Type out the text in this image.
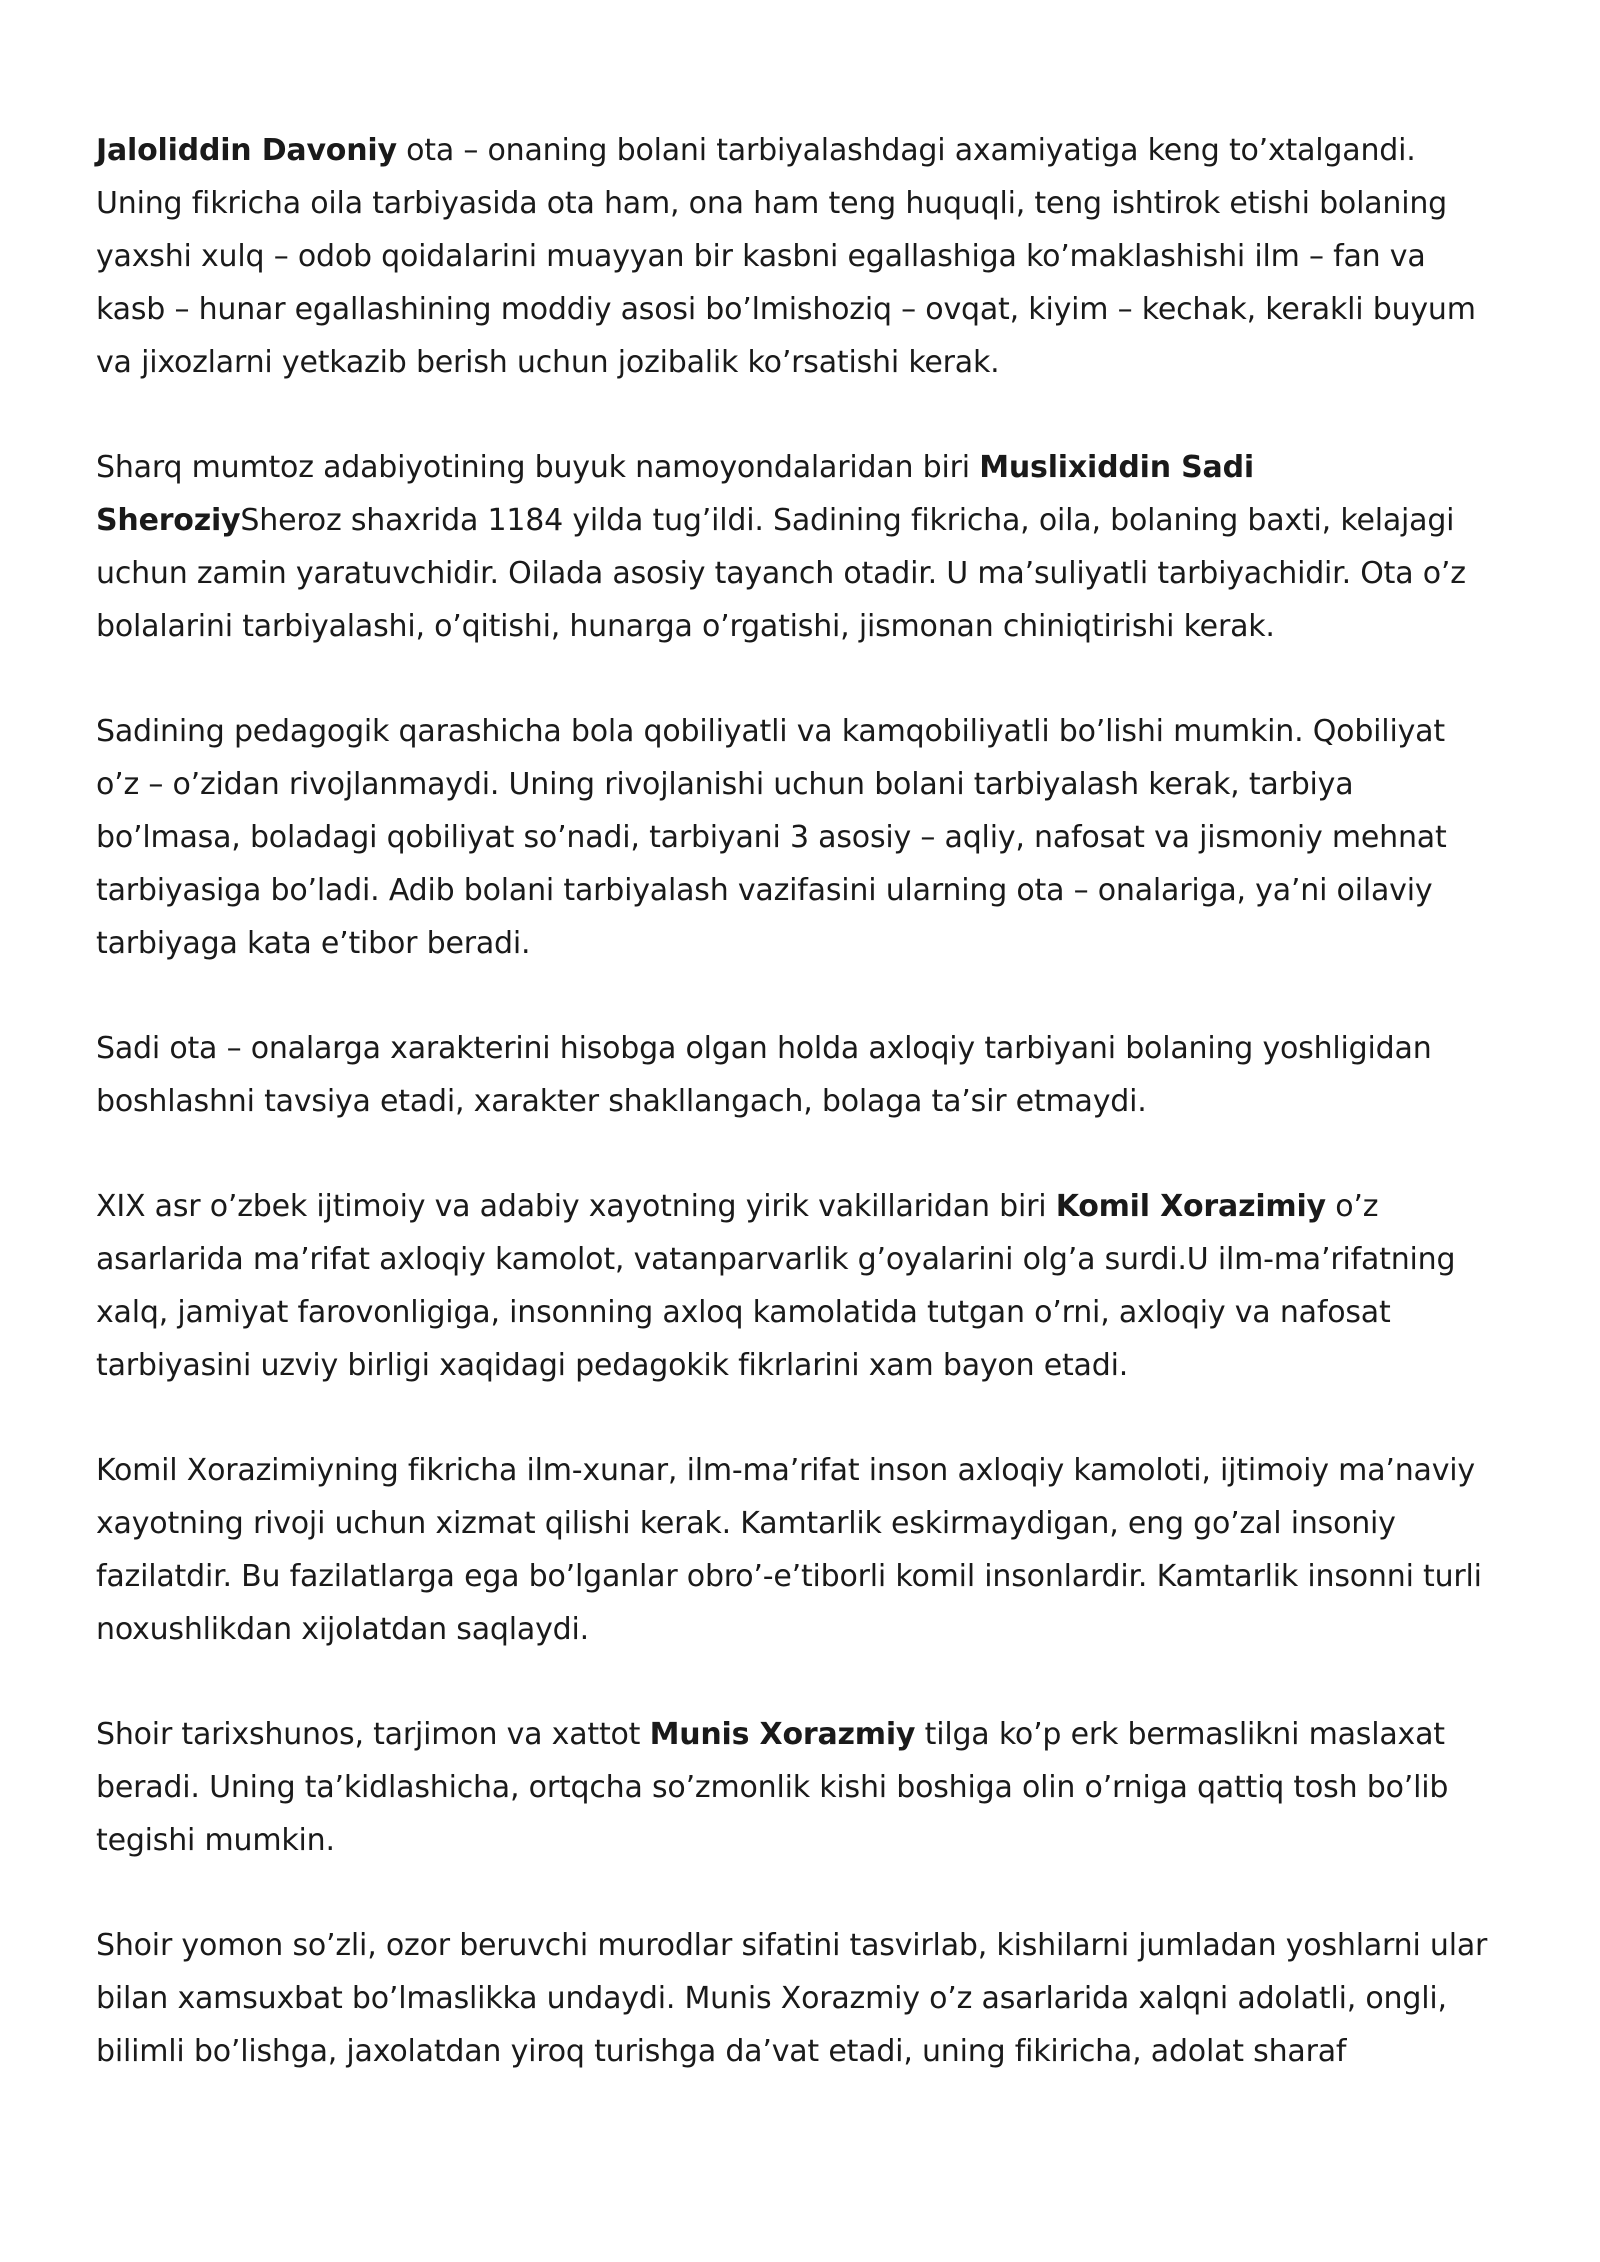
Jaloliddin Davoniy ota – onaning bolani tarbiyalashdagi axamiyatiga keng to’xtalgandi. Uning fikricha oila tarbiyasida ota ham, ona ham teng huquqli, teng ishtirok etishi bolaning yaxshi xulq – odob qoidalarini muayyan bir kasbni egallashiga ko’maklashishi ilm – fan va kasb – hunar egallashining moddiy asosi bo’lmishoziq – ovqat, kiyim – kechak, kerakli buyum va jixozlarni yetkazib berish uchun jozibalik ko’rsatishi kerak.

Sharq mumtoz adabiyotining buyuk namoyondalaridan biri Muslixiddin Sadi SheroziySheroz shaxrida 1184 yilda tug’ildi. Sadining fikricha, oila, bolaning baxti, kelajagi uchun zamin yaratuvchidir. Oilada asosiy tayanch otadir. U ma’suliyatli tarbiyachidir. Ota o’z bolalarini tarbiyalashi, o’qitishi, hunarga o’rgatishi, jismonan chiniqtirishi kerak.

Sadining pedagogik qarashicha bola qobiliyatli va kamqobiliyatli bo’lishi mumkin. Qobiliyat o’z – o’zidan rivojlanmaydi. Uning rivojlanishi uchun bolani tarbiyalash kerak, tarbiya bo’lmasa, boladagi qobiliyat so’nadi, tarbiyani 3 asosiy – aqliy, nafosat va jismoniy mehnat tarbiyasiga bo’ladi. Adib bolani tarbiyalash vazifasini ularning ota – onalariga, ya’ni oilaviy tarbiyaga kata e’tibor beradi.

Sadi ota – onalarga xarakterini hisobga olgan holda axloqiy tarbiyani bolaning yoshligidan boshlashni tavsiya etadi, xarakter shakllangach, bolaga ta’sir etmaydi.

XIX asr o’zbek ijtimoiy va adabiy xayotning yirik vakillaridan biri Komil Xorazimiy o’z asarlarida ma’rifat axloqiy kamolot, vatanparvarlik g’oyalarini olg’a surdi.U ilm-ma’rifatning xalq, jamiyat farovonligiga, insonning axloq kamolatida tutgan o’rni, axloqiy va nafosat tarbiyasini uzviy birligi xaqidagi pedagokik fikrlarini xam bayon etadi.

Komil Xorazimiyning fikricha ilm-xunar, ilm-ma’rifat inson axloqiy kamoloti, ijtimoiy ma’naviy xayotning rivoji uchun xizmat qilishi kerak. Kamtarlik eskirmaydigan, eng go’zal insoniy fazilatdir. Bu fazilatlarga ega bo’lganlar obro’-e’tiborli komil insonlardir. Kamtarlik insonni turli noxushlikdan xijolatdan saqlaydi.

Shoir tarixshunos, tarjimon va xattot Munis Xorazmiy tilga ko’p erk bermaslikni maslaxat beradi. Uning ta’kidlashicha, ortqcha so’zmonlik kishi boshiga olin o’rniga qattiq tosh bo’lib tegishi mumkin.

Shoir yomon so’zli, ozor beruvchi murodlar sifatini tasvirlab, kishilarni jumladan yoshlarni ular bilan xamsuxbat bo’lmaslikka undaydi. Munis Xorazmiy o’z asarlarida xalqni adolatli, ongli, bilimli bo’lishga, jaxolatdan yiroq turishga da’vat etadi, uning fikiricha, adolat sharaf
